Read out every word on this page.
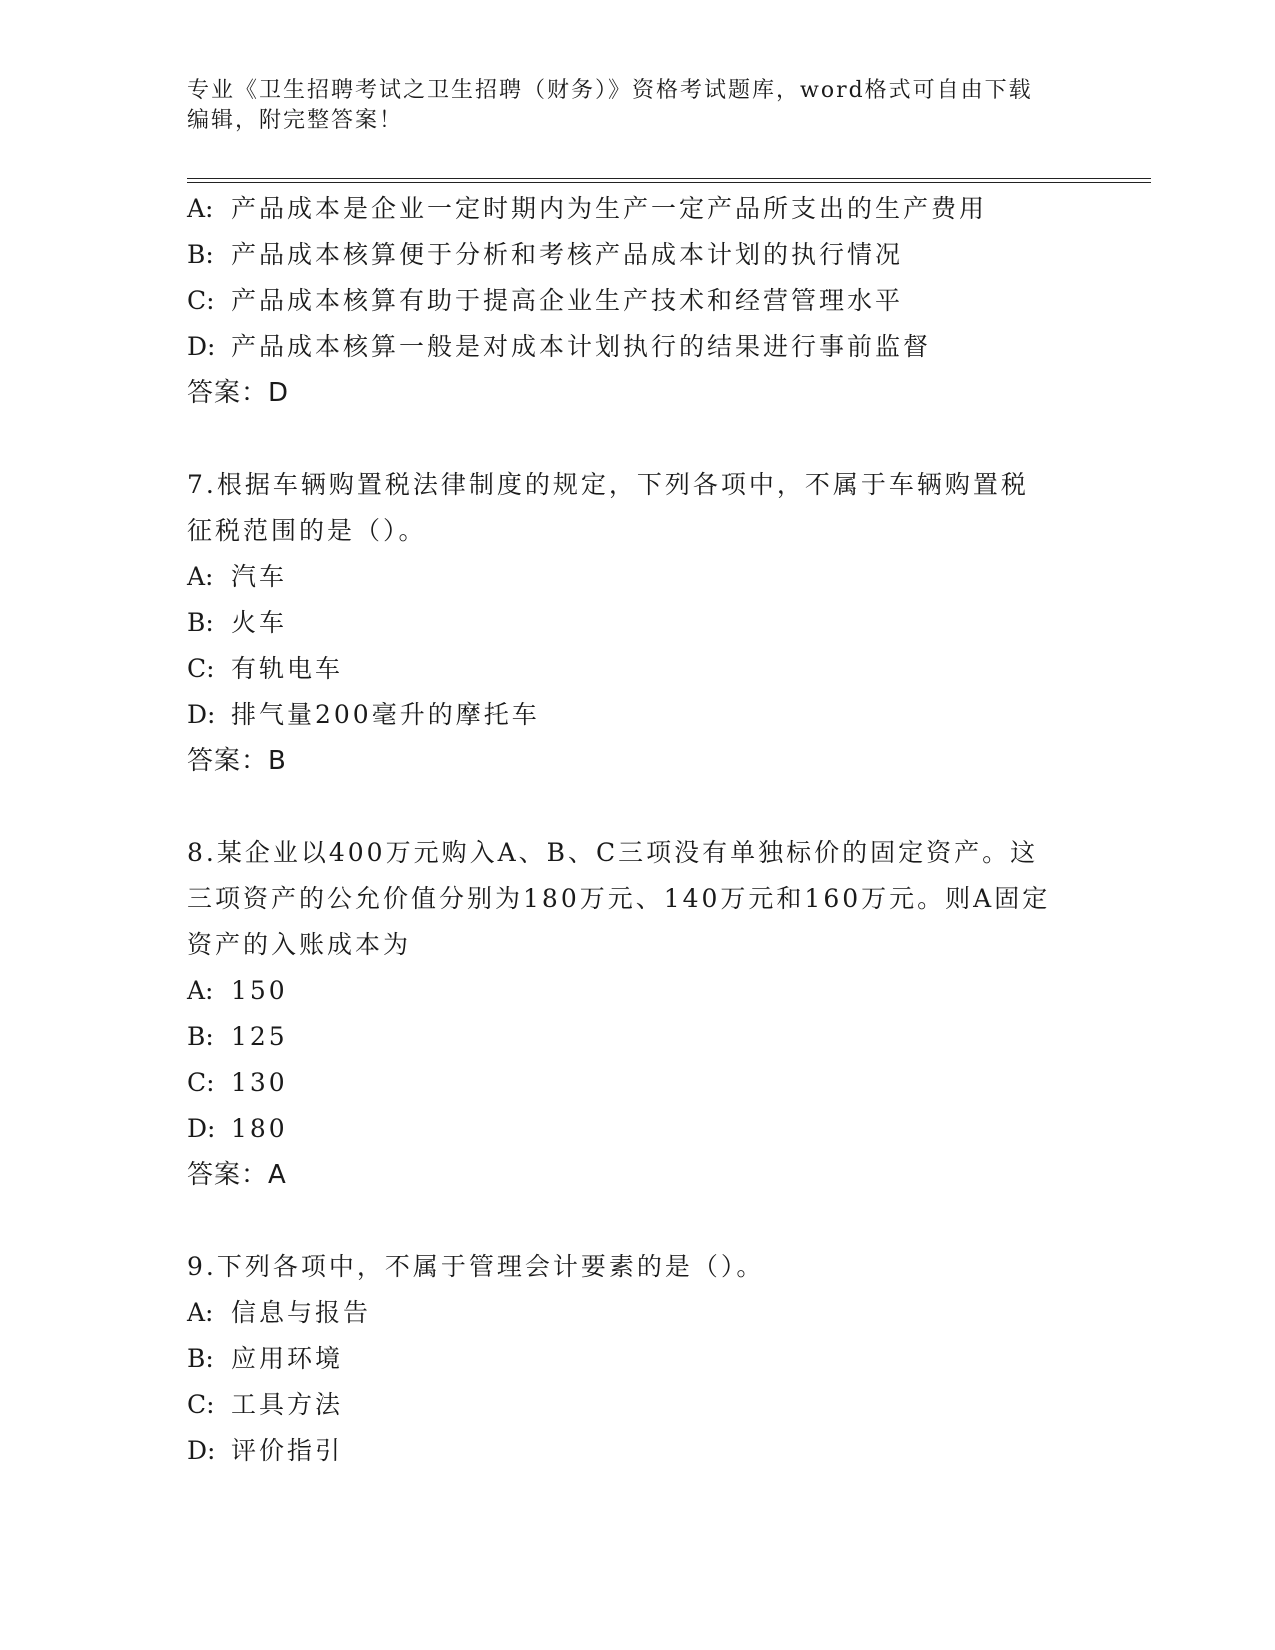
专业《卫生招聘考试之卫生招聘（财务）》资格考试题库，word格式可自由下载
编辑，附完整答案！
A: 产品成本是企业一定时期内为生产一定产品所支出的生产费用
B: 产品成本核算便于分析和考核产品成本计划的执行情况
C: 产品成本核算有助于提高企业生产技术和经营管理水平
D: 产品成本核算一般是对成本计划执行的结果进行事前监督
答案：D
7.根据车辆购置税法律制度的规定，下列各项中，不属于车辆购置税
征税范围的是（）。
A: 汽车
B: 火车
C: 有轨电车
D: 排气量200毫升的摩托车
答案：B
8.某企业以400万元购入A、B、C三项没有单独标价的固定资产。这
三项资产的公允价值分别为180万元、140万元和160万元。则A固定
资产的入账成本为
A: 150
B: 125
C: 130
D: 180
答案：A
9.下列各项中，不属于管理会计要素的是（）。
A: 信息与报告
B: 应用环境
C: 工具方法
D: 评价指引
